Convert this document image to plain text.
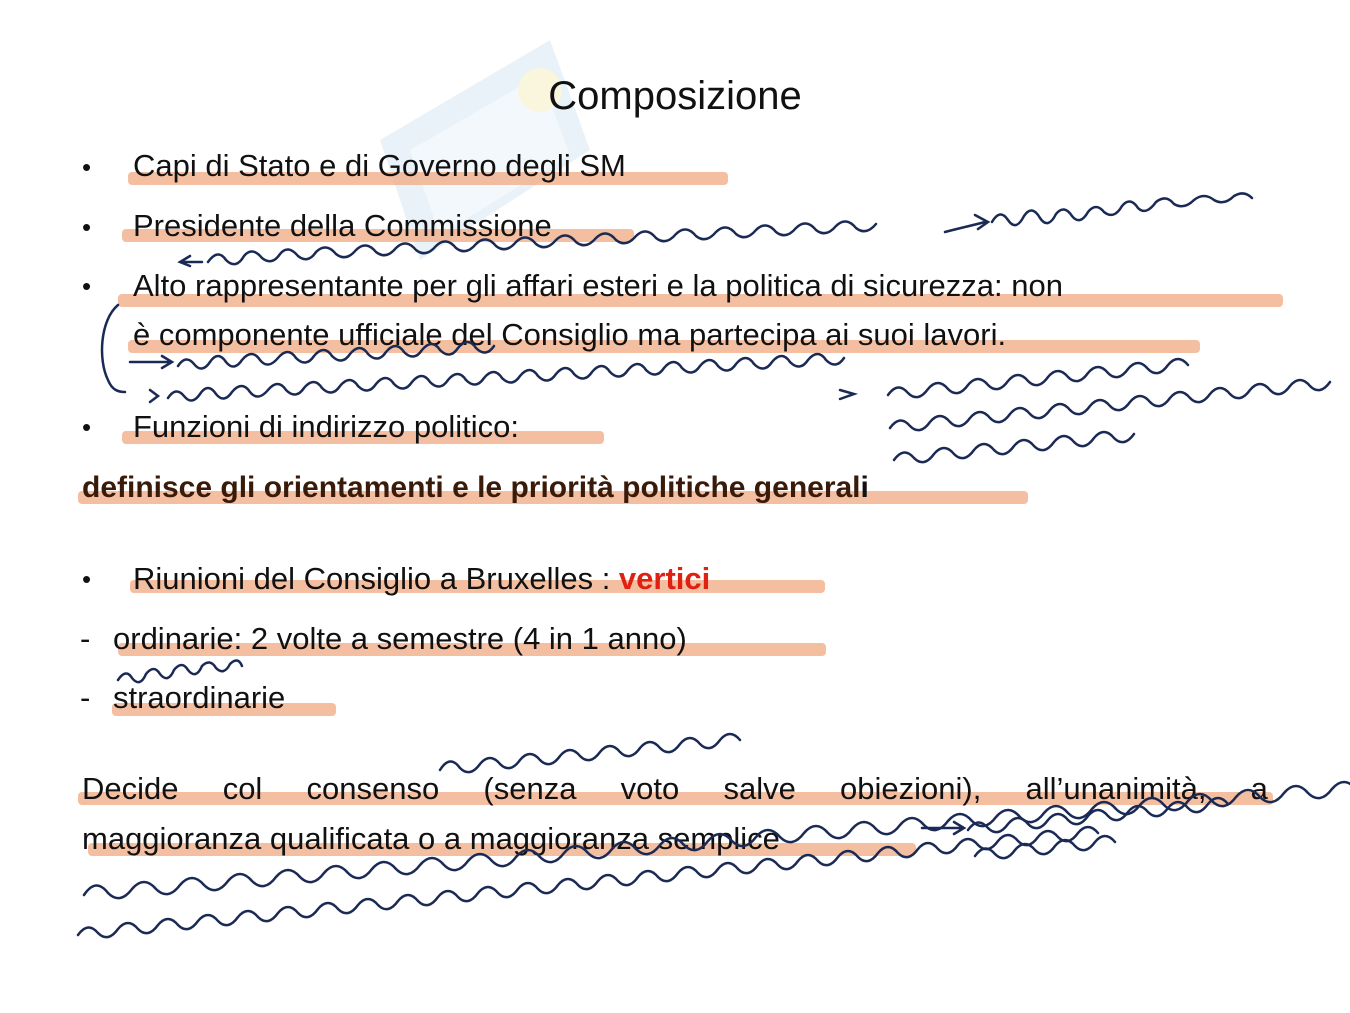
Composizione
• Capi di Stato e di Governo degli SM
• Presidente della Commissione
• Alto rappresentante per gli affari esteri e la politica di sicurezza: non
è componente ufficiale del Consiglio ma partecipa ai suoi lavori.
• Funzioni di indirizzo politico:
definisce gli orientamenti e le priorità politiche generali
• Riunioni del Consiglio a Bruxelles : vertici
- ordinarie: 2 volte a semestre (4 in 1 anno)
- straordinarie
Decide col consenso (senza voto salve obiezioni), all’unanimità, a
maggioranza qualificata o a maggioranza semplice
